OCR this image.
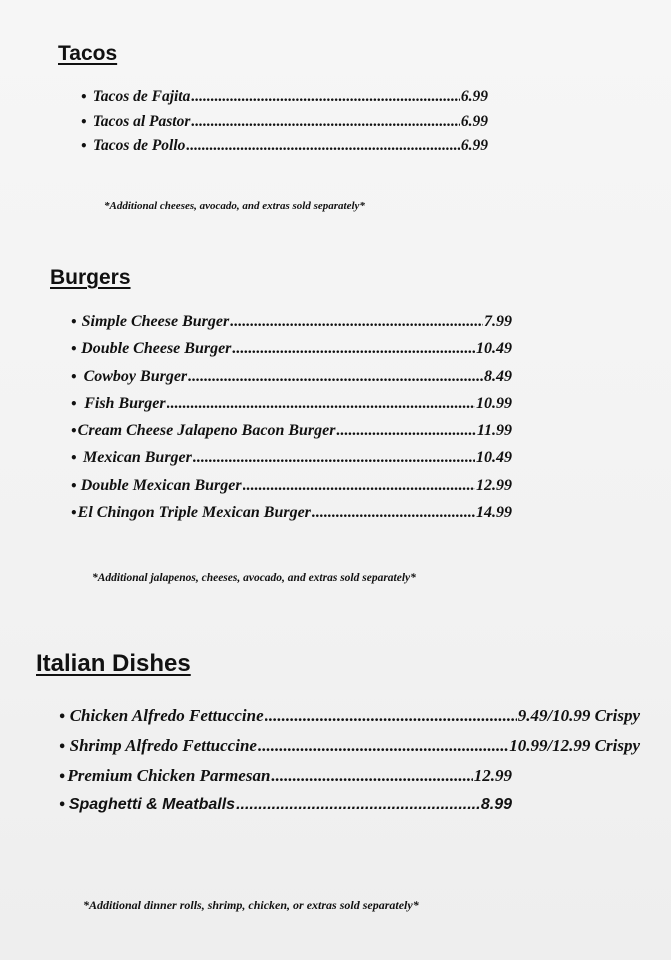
Tacos
• Tacos de Fajita .....	6.99
• Tacos al Pastor .....	6.99
• Tacos de Pollo .....	6.99

*Additional cheeses, avocado, and extras sold separately*

Burgers
• Simple Cheese Burger .....	7.99
• Double Cheese Burger .....	10.49
• Cowboy Burger .....	8.49
• Fish Burger .....	10.99
• Cream Cheese Jalapeno Bacon Burger .....	11.99
• Mexican Burger .....	10.49
• Double Mexican Burger .....	12.99
• El Chingon Triple Mexican Burger .....	14.99

*Additional jalapenos, cheeses, avocado, and extras sold separately*

Italian Dishes
• Chicken Alfredo Fettuccine .....	9.49/10.99 Crispy
• Shrimp Alfredo Fettuccine .....	10.99/12.99 Crispy
• Premium Chicken Parmesan .....	12.99
• Spaghetti & Meatballs .....	8.99

*Additional dinner rolls, shrimp, chicken, or extras sold separately*
